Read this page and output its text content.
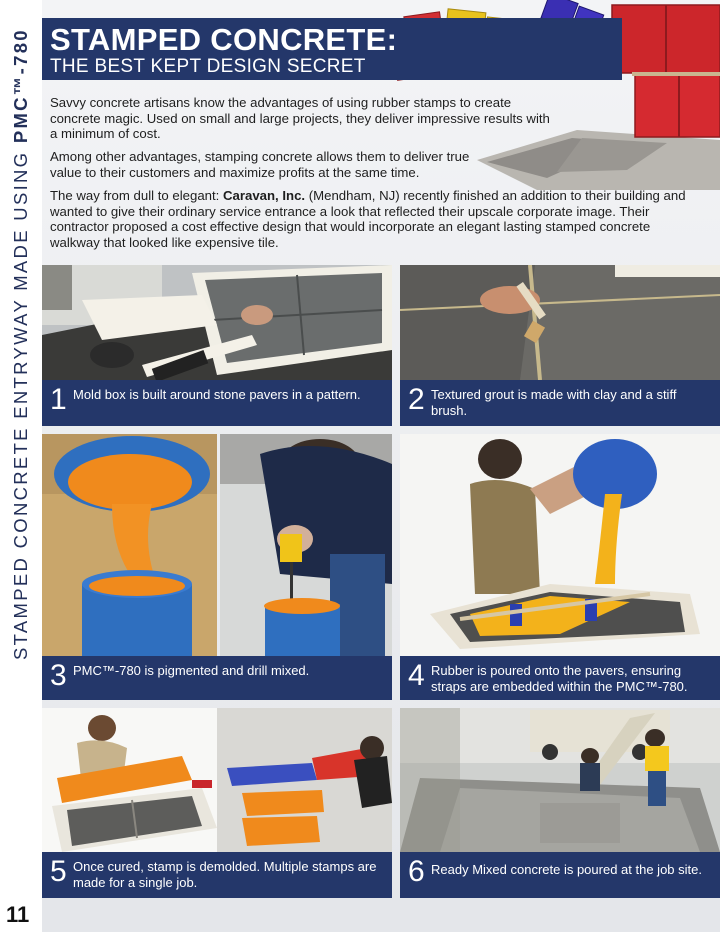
STAMPED CONCRETE ENTRYWAY MADE USING PMC™-780
11
STAMPED CONCRETE:
THE BEST KEPT DESIGN SECRET
Savvy concrete artisans know the advantages of using rubber stamps to create concrete magic. Used on small and large projects, they deliver impressive results with a minimum of cost.
Among other advantages, stamping concrete allows them to deliver true value to their customers and maximize profits at the same time.
The way from dull to elegant: Caravan, Inc. (Mendham, NJ) recently finished an addition to their building and wanted to give their ordinary service entrance a look that reflected their upscale corporate image. Their contractor proposed a cost effective design that would incorporate an elegant lasting stamped concrete walkway that looked like expensive tile.
1 Mold box is built around stone pavers in a pattern.	2 Textured grout is made with clay and a stiff brush.
3 PMC™-780 is pigmented and drill mixed.	4 Rubber is poured onto the pavers, ensuring straps are embedded within the PMC™-780.
5 Once cured, stamp is demolded. Multiple stamps are made for a single job.	6 Ready Mixed concrete is poured at the job site.
